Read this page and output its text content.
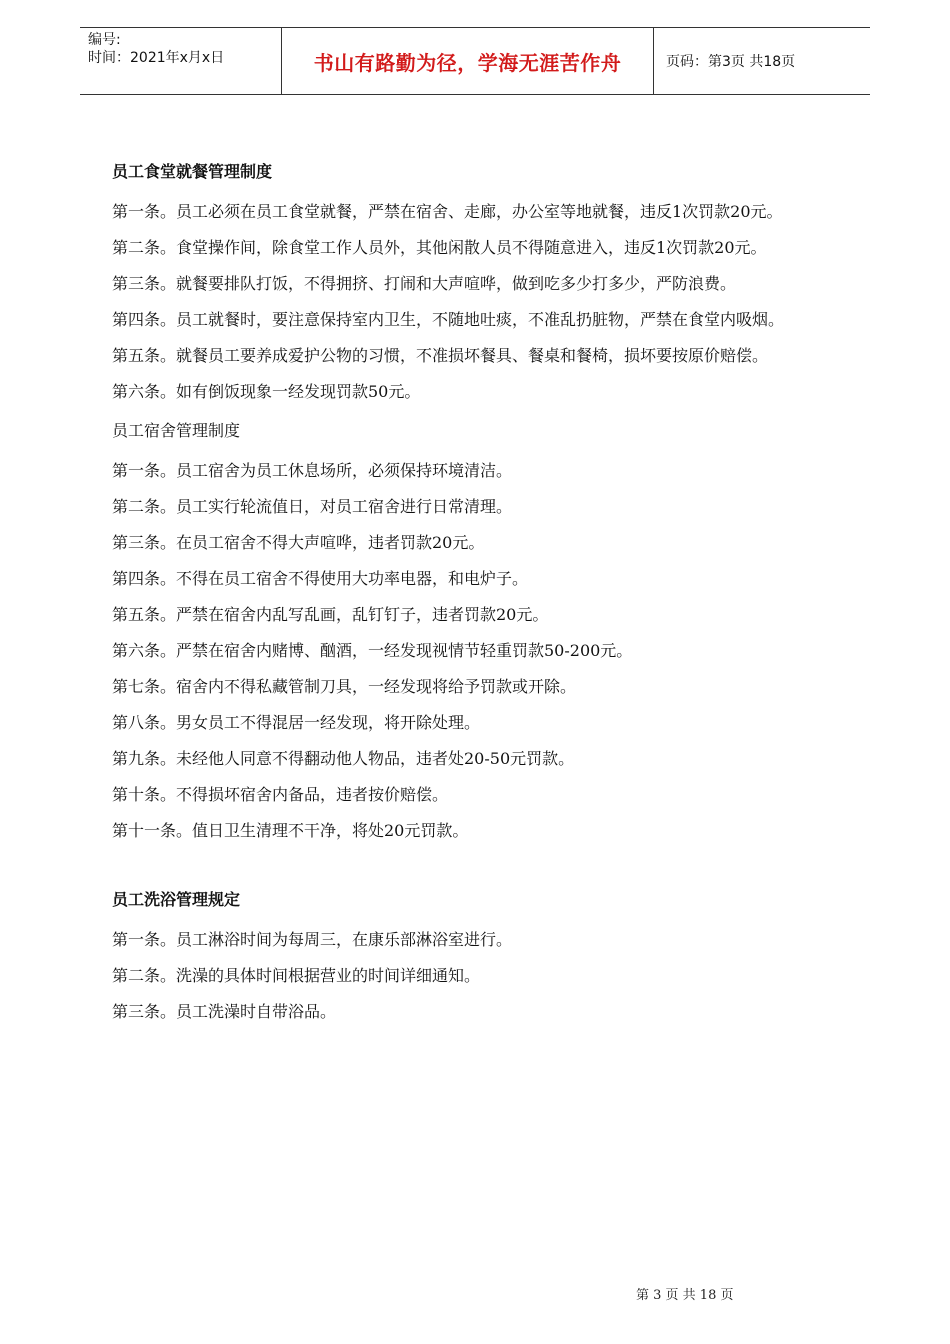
编号:
时间：2021年x月x日	书山有路勤为径，学海无涯苦作舟	页码：第3页 共18页
员工食堂就餐管理制度
第一条。员工必须在员工食堂就餐，严禁在宿舍、走廊，办公室等地就餐，违反1次罚款20元。
第二条。食堂操作间，除食堂工作人员外，其他闲散人员不得随意进入，违反1次罚款20元。
第三条。就餐要排队打饭，不得拥挤、打闹和大声喧哗，做到吃多少打多少，严防浪费。
第四条。员工就餐时，要注意保持室内卫生，不随地吐痰，不准乱扔脏物，严禁在食堂内吸烟。
第五条。就餐员工要养成爱护公物的习惯，不准损坏餐具、餐桌和餐椅，损坏要按原价赔偿。
第六条。如有倒饭现象一经发现罚款50元。
员工宿舍管理制度
第一条。员工宿舍为员工休息场所，必须保持环境清洁。
第二条。员工实行轮流值日，对员工宿舍进行日常清理。
第三条。在员工宿舍不得大声喧哗，违者罚款20元。
第四条。不得在员工宿舍不得使用大功率电器，和电炉子。
第五条。严禁在宿舍内乱写乱画，乱钉钉子，违者罚款20元。
第六条。严禁在宿舍内赌博、酗酒，一经发现视情节轻重罚款50-200元。
第七条。宿舍内不得私藏管制刀具，一经发现将给予罚款或开除。
第八条。男女员工不得混居一经发现，将开除处理。
第九条。未经他人同意不得翻动他人物品，违者处20-50元罚款。
第十条。不得损坏宿舍内备品，违者按价赔偿。
第十一条。值日卫生清理不干净，将处20元罚款。
员工洗浴管理规定
第一条。员工淋浴时间为每周三，在康乐部淋浴室进行。
第二条。洗澡的具体时间根据营业的时间详细通知。
第三条。员工洗澡时自带浴品。
第 3 页 共 18 页
